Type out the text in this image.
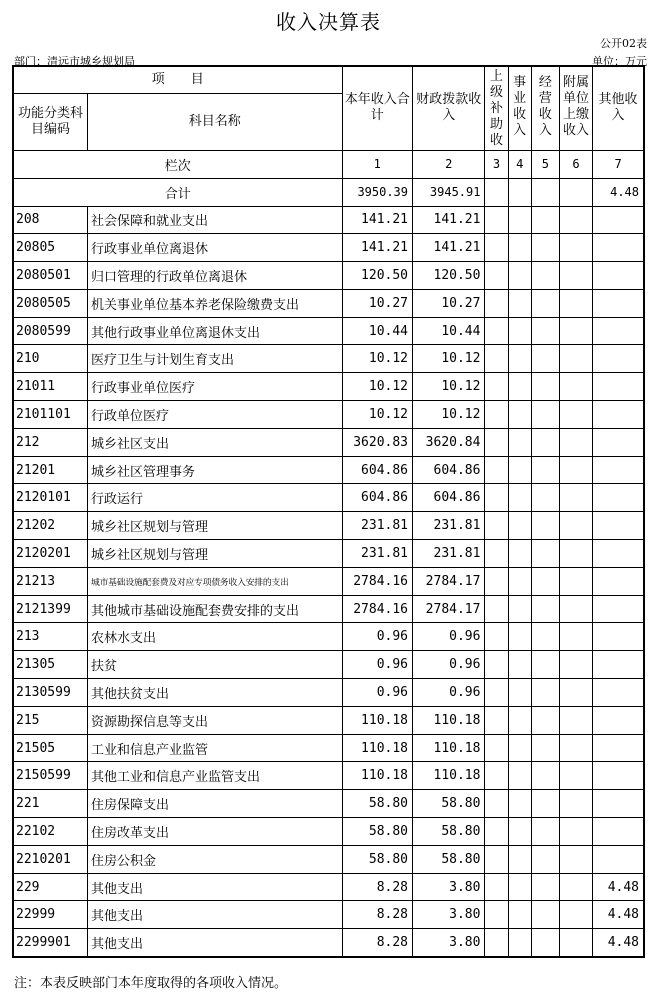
收入决算表
公开02表
部门：清远市城乡规划局	单位：万元
项　　目		本年收入合计	财政拨款收入	上
级
补
助
收	事
业
收
入	经
营
收
入	附属
单位
上缴
收入	其他收入
功能分类科目编码	科目名称							
栏次		1	2	3	4	5	6	7
合计		3950.39	3945.91					4.48
208	社会保障和就业支出	141.21	141.21					
20805	行政事业单位离退休	141.21	141.21					
2080501	归口管理的行政单位离退休	120.50	120.50					
2080505	机关事业单位基本养老保险缴费支出	10.27	10.27					
2080599	其他行政事业单位离退休支出	10.44	10.44					
210	医疗卫生与计划生育支出	10.12	10.12					
21011	行政事业单位医疗	10.12	10.12					
2101101	行政单位医疗	10.12	10.12					
212	城乡社区支出	3620.83	3620.84					
21201	城乡社区管理事务	604.86	604.86					
2120101	行政运行	604.86	604.86					
21202	城乡社区规划与管理	231.81	231.81					
2120201	城乡社区规划与管理	231.81	231.81					
21213	城市基础设施配套费及对应专项债务收入安排的支出	2784.16	2784.17					
2121399	其他城市基础设施配套费安排的支出	2784.16	2784.17					
213	农林水支出	0.96	0.96					
21305	扶贫	0.96	0.96					
2130599	其他扶贫支出	0.96	0.96					
215	资源勘探信息等支出	110.18	110.18					
21505	工业和信息产业监管	110.18	110.18					
2150599	其他工业和信息产业监管支出	110.18	110.18					
221	住房保障支出	58.80	58.80					
22102	住房改革支出	58.80	58.80					
2210201	住房公积金	58.80	58.80					
229	其他支出	8.28	3.80					4.48
22999	其他支出	8.28	3.80					4.48
2299901	其他支出	8.28	3.80					4.48
注：本表反映部门本年度取得的各项收入情况。
